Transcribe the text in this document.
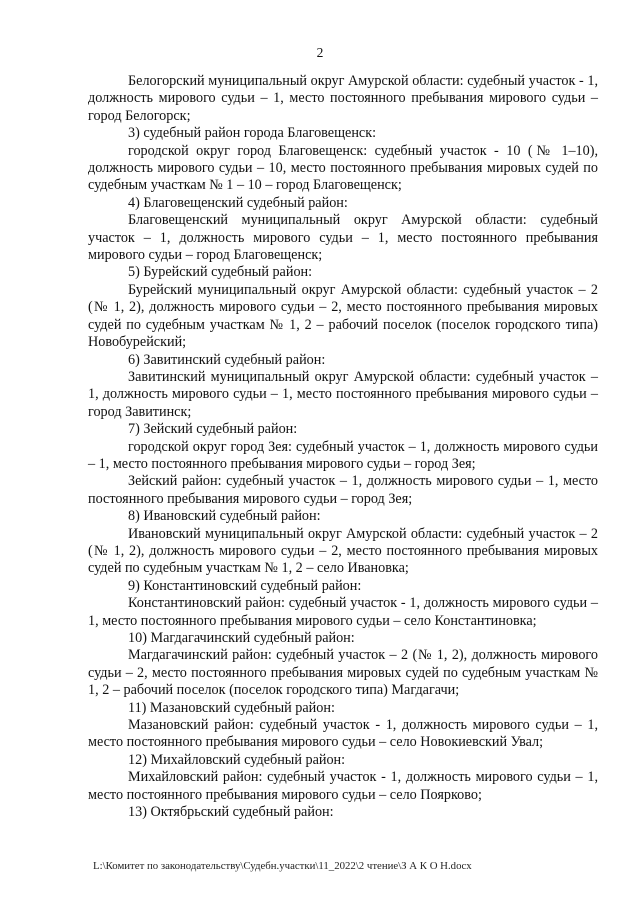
2

Белогорский муниципальный округ Амурской области: судебный участок - 1, должность мирового судьи – 1, место постоянного пребывания мирового судьи – город Белогорск;

3) судебный район города Благовещенск:

городской округ город Благовещенск: судебный участок - 10 (№ 1–10), должность мирового судьи – 10, место постоянного пребывания мировых судей по судебным участкам № 1 – 10 – город Благовещенск;

4) Благовещенский судебный район:

Благовещенский муниципальный округ Амурской области: судебный участок – 1, должность мирового судьи – 1, место постоянного пребывания мирового судьи – город Благовещенск;

5) Бурейский судебный район:

Бурейский муниципальный округ Амурской области: судебный участок – 2 (№ 1, 2), должность мирового судьи – 2, место постоянного пребывания мировых судей по судебным участкам № 1, 2 – рабочий поселок (поселок городского типа) Новобурейский;

6) Завитинский судебный район:

Завитинский муниципальный округ Амурской области: судебный участок – 1, должность мирового судьи – 1, место постоянного пребывания мирового судьи – город Завитинск;

7) Зейский судебный район:

городской округ город Зея: судебный участок – 1, должность мирового судьи – 1, место постоянного пребывания мирового судьи – город Зея;

Зейский район: судебный участок – 1, должность мирового судьи – 1, место постоянного пребывания мирового судьи – город Зея;

8) Ивановский судебный район:

Ивановский муниципальный округ Амурской области: судебный участок – 2 (№ 1, 2), должность мирового судьи – 2, место постоянного пребывания мировых судей по судебным участкам № 1, 2 – село Ивановка;

9) Константиновский судебный район:

Константиновский район: судебный участок - 1, должность мирового судьи – 1, место постоянного пребывания мирового судьи – село Константиновка;

10) Магдагачинский судебный район:

Магдагачинский район: судебный участок – 2 (№ 1, 2), должность мирового судьи – 2, место постоянного пребывания мировых судей по судебным участкам № 1, 2 – рабочий поселок (поселок городского типа) Магдагачи;

11) Мазановский судебный район:

Мазановский район: судебный участок - 1, должность мирового судьи – 1, место постоянного пребывания мирового судьи – село Новокиевский Увал;

12) Михайловский судебный район:

Михайловский район: судебный участок - 1, должность мирового судьи – 1, место постоянного пребывания мирового судьи – село Поярково;

13) Октябрьский судебный район:

L:\Комитет по законодательству\Судебн.участки\11_2022\2 чтение\З А К О Н.docx
